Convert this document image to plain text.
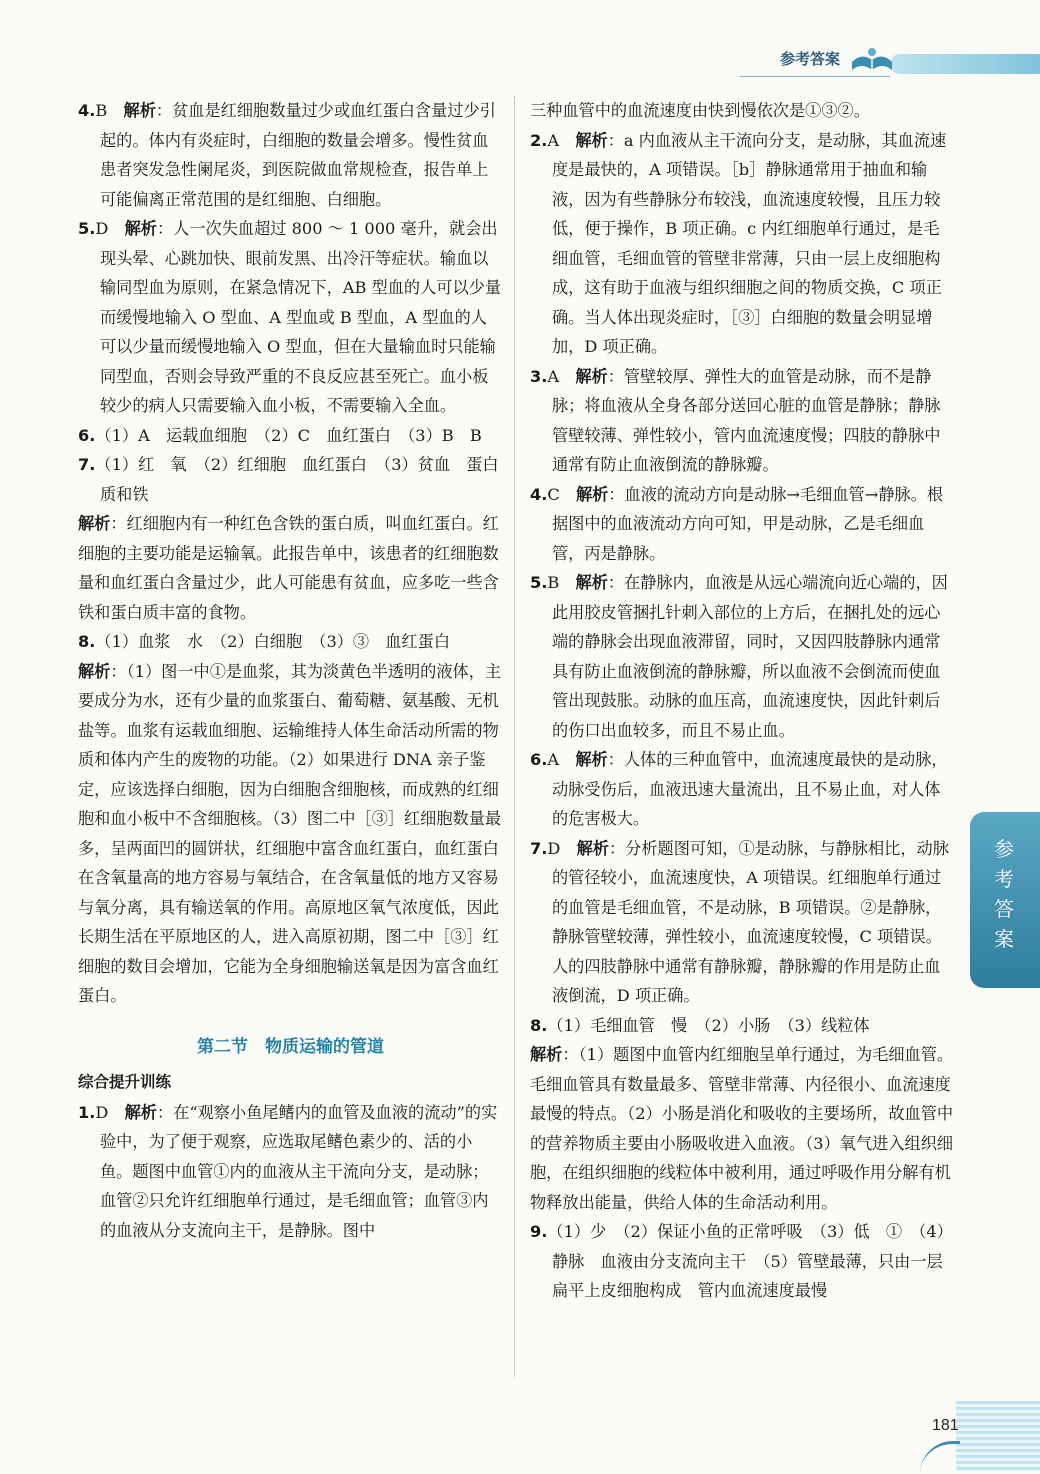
参考答案

4.B　解析：贫血是红细胞数量过少或血红蛋白含量过少引起的。体内有炎症时，白细胞的数量会增多。慢性贫血患者突发急性阑尾炎，到医院做血常规检查，报告单上可能偏离正常范围的是红细胞、白细胞。

5.D　解析：人一次失血超过 800 ～ 1 000 毫升，就会出现头晕、心跳加快、眼前发黑、出冷汗等症状。输血以输同型血为原则，在紧急情况下，AB 型血的人可以少量而缓慢地输入 O 型血、A 型血或 B 型血，A 型血的人可以少量而缓慢地输入 O 型血，但在大量输血时只能输同型血，否则会导致严重的不良反应甚至死亡。血小板较少的病人只需要输入血小板，不需要输入全血。

6.（1）A　运载血细胞　（2）C　血红蛋白　（3）B　B

7.（1）红　氧　（2）红细胞　血红蛋白　（3）贫血　蛋白质和铁

解析：红细胞内有一种红色含铁的蛋白质，叫血红蛋白。红细胞的主要功能是运输氧。此报告单中，该患者的红细胞数量和血红蛋白含量过少，此人可能患有贫血，应多吃一些含铁和蛋白质丰富的食物。

8.（1）血浆　水　（2）白细胞　（3）③　血红蛋白

解析：（1）图一中①是血浆，其为淡黄色半透明的液体，主要成分为水，还有少量的血浆蛋白、葡萄糖、氨基酸、无机盐等。血浆有运载血细胞、运输维持人体生命活动所需的物质和体内产生的废物的功能。（2）如果进行 DNA 亲子鉴定，应该选择白细胞，因为白细胞含细胞核，而成熟的红细胞和血小板中不含细胞核。（3）图二中［③］红细胞数量最多，呈两面凹的圆饼状，红细胞中富含血红蛋白，血红蛋白在含氧量高的地方容易与氧结合，在含氧量低的地方又容易与氧分离，具有输送氧的作用。高原地区氧气浓度低，因此长期生活在平原地区的人，进入高原初期，图二中［③］红细胞的数目会增加，它能为全身细胞输送氧是因为富含血红蛋白。

第二节　物质运输的管道
综合提升训练

1.D　解析：在“观察小鱼尾鳍内的血管及血液的流动”的实验中，为了便于观察，应选取尾鳍色素少的、活的小鱼。题图中血管①内的血液从主干流向分支，是动脉；血管②只允许红细胞单行通过，是毛细血管；血管③内的血液从分支流向主干，是静脉。图中

三种血管中的血流速度由快到慢依次是①③②。

2.A　解析：a 内血液从主干流向分支，是动脉，其血流速度是最快的，A 项错误。［b］静脉通常用于抽血和输液，因为有些静脉分布较浅，血流速度较慢，且压力较低，便于操作，B 项正确。c 内红细胞单行通过，是毛细血管，毛细血管的管壁非常薄，只由一层上皮细胞构成，这有助于血液与组织细胞之间的物质交换，C 项正确。当人体出现炎症时，［③］白细胞的数量会明显增加，D 项正确。

3.A　解析：管壁较厚、弹性大的血管是动脉，而不是静脉；将血液从全身各部分送回心脏的血管是静脉；静脉管壁较薄、弹性较小，管内血流速度慢；四肢的静脉中通常有防止血液倒流的静脉瓣。

4.C　解析：血液的流动方向是动脉→毛细血管→静脉。根据图中的血液流动方向可知，甲是动脉，乙是毛细血管，丙是静脉。

5.B　解析：在静脉内，血液是从远心端流向近心端的，因此用胶皮管捆扎针刺入部位的上方后，在捆扎处的远心端的静脉会出现血液滞留，同时，又因四肢静脉内通常具有防止血液倒流的静脉瓣，所以血液不会倒流而使血管出现鼓胀。动脉的血压高，血流速度快，因此针刺后的伤口出血较多，而且不易止血。

6.A　解析：人体的三种血管中，血流速度最快的是动脉，动脉受伤后，血液迅速大量流出，且不易止血，对人体的危害极大。

7.D　解析：分析题图可知，①是动脉，与静脉相比，动脉的管径较小，血流速度快，A 项错误。红细胞单行通过的血管是毛细血管，不是动脉，B 项错误。②是静脉，静脉管壁较薄，弹性较小，血流速度较慢，C 项错误。人的四肢静脉中通常有静脉瓣，静脉瓣的作用是防止血液倒流，D 项正确。

8.（1）毛细血管　慢　（2）小肠　（3）线粒体

解析：（1）题图中血管内红细胞呈单行通过，为毛细血管。毛细血管具有数量最多、管壁非常薄、内径很小、血流速度最慢的特点。（2）小肠是消化和吸收的主要场所，故血管中的营养物质主要由小肠吸收进入血液。（3）氧气进入组织细胞，在组织细胞的线粒体中被利用，通过呼吸作用分解有机物释放出能量，供给人体的生命活动利用。

9.（1）少　（2）保证小鱼的正常呼吸　（3）低　①　（4）静脉　血液由分支流向主干　（5）管壁最薄，只由一层扁平上皮细胞构成　管内血流速度最慢

参考答案
181
